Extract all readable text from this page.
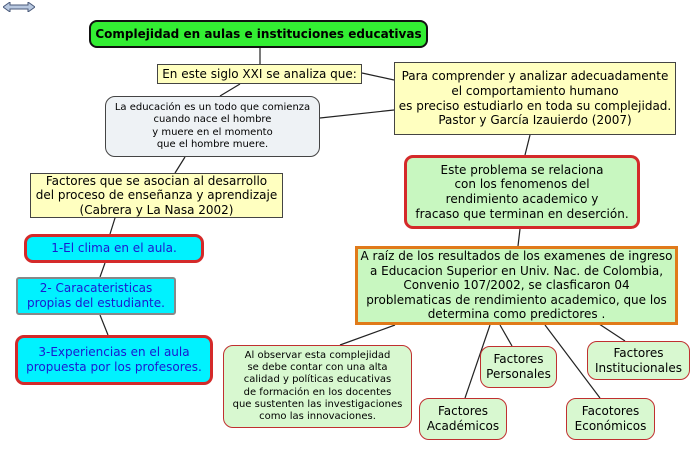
Complejidad en aulas e instituciones educativas
En este siglo XXI se analiza que:
La educación es un todo que comienza
cuando nace el hombre
y muere en el momento
que el hombre muere.
Para comprender y analizar adecuadamente
el comportamiento humano
es preciso estudiarlo en toda su complejidad.
Pastor y García Izauierdo (2007)
Factores que se asocian al desarrollo
del proceso de enseñanza y aprendizaje
(Cabrera y La Nasa 2002)
Este problema se relaciona
con los fenomenos del
rendimiento academico y
fracaso que terminan en deserción.
1-El clima en el aula.
2- Caracateristicas
propias del estudiante.
3-Experiencias en el aula
propuesta por los profesores.
A raíz de los resultados de los examenes de ingreso
a Educacion Superior en Univ. Nac. de Colombia,
Convenio 107/2002, se clasficaron 04
problematicas de rendimiento academico, que los
determina como predictores .
Al observar esta complejidad
se debe contar con una alta
calidad y políticas educativas
de formación en los docentes
que sustenten las investigaciones
como las innovaciones.
Factores
Personales
Factores
Institucionales
Factores
Académicos
Facotores
Económicos
